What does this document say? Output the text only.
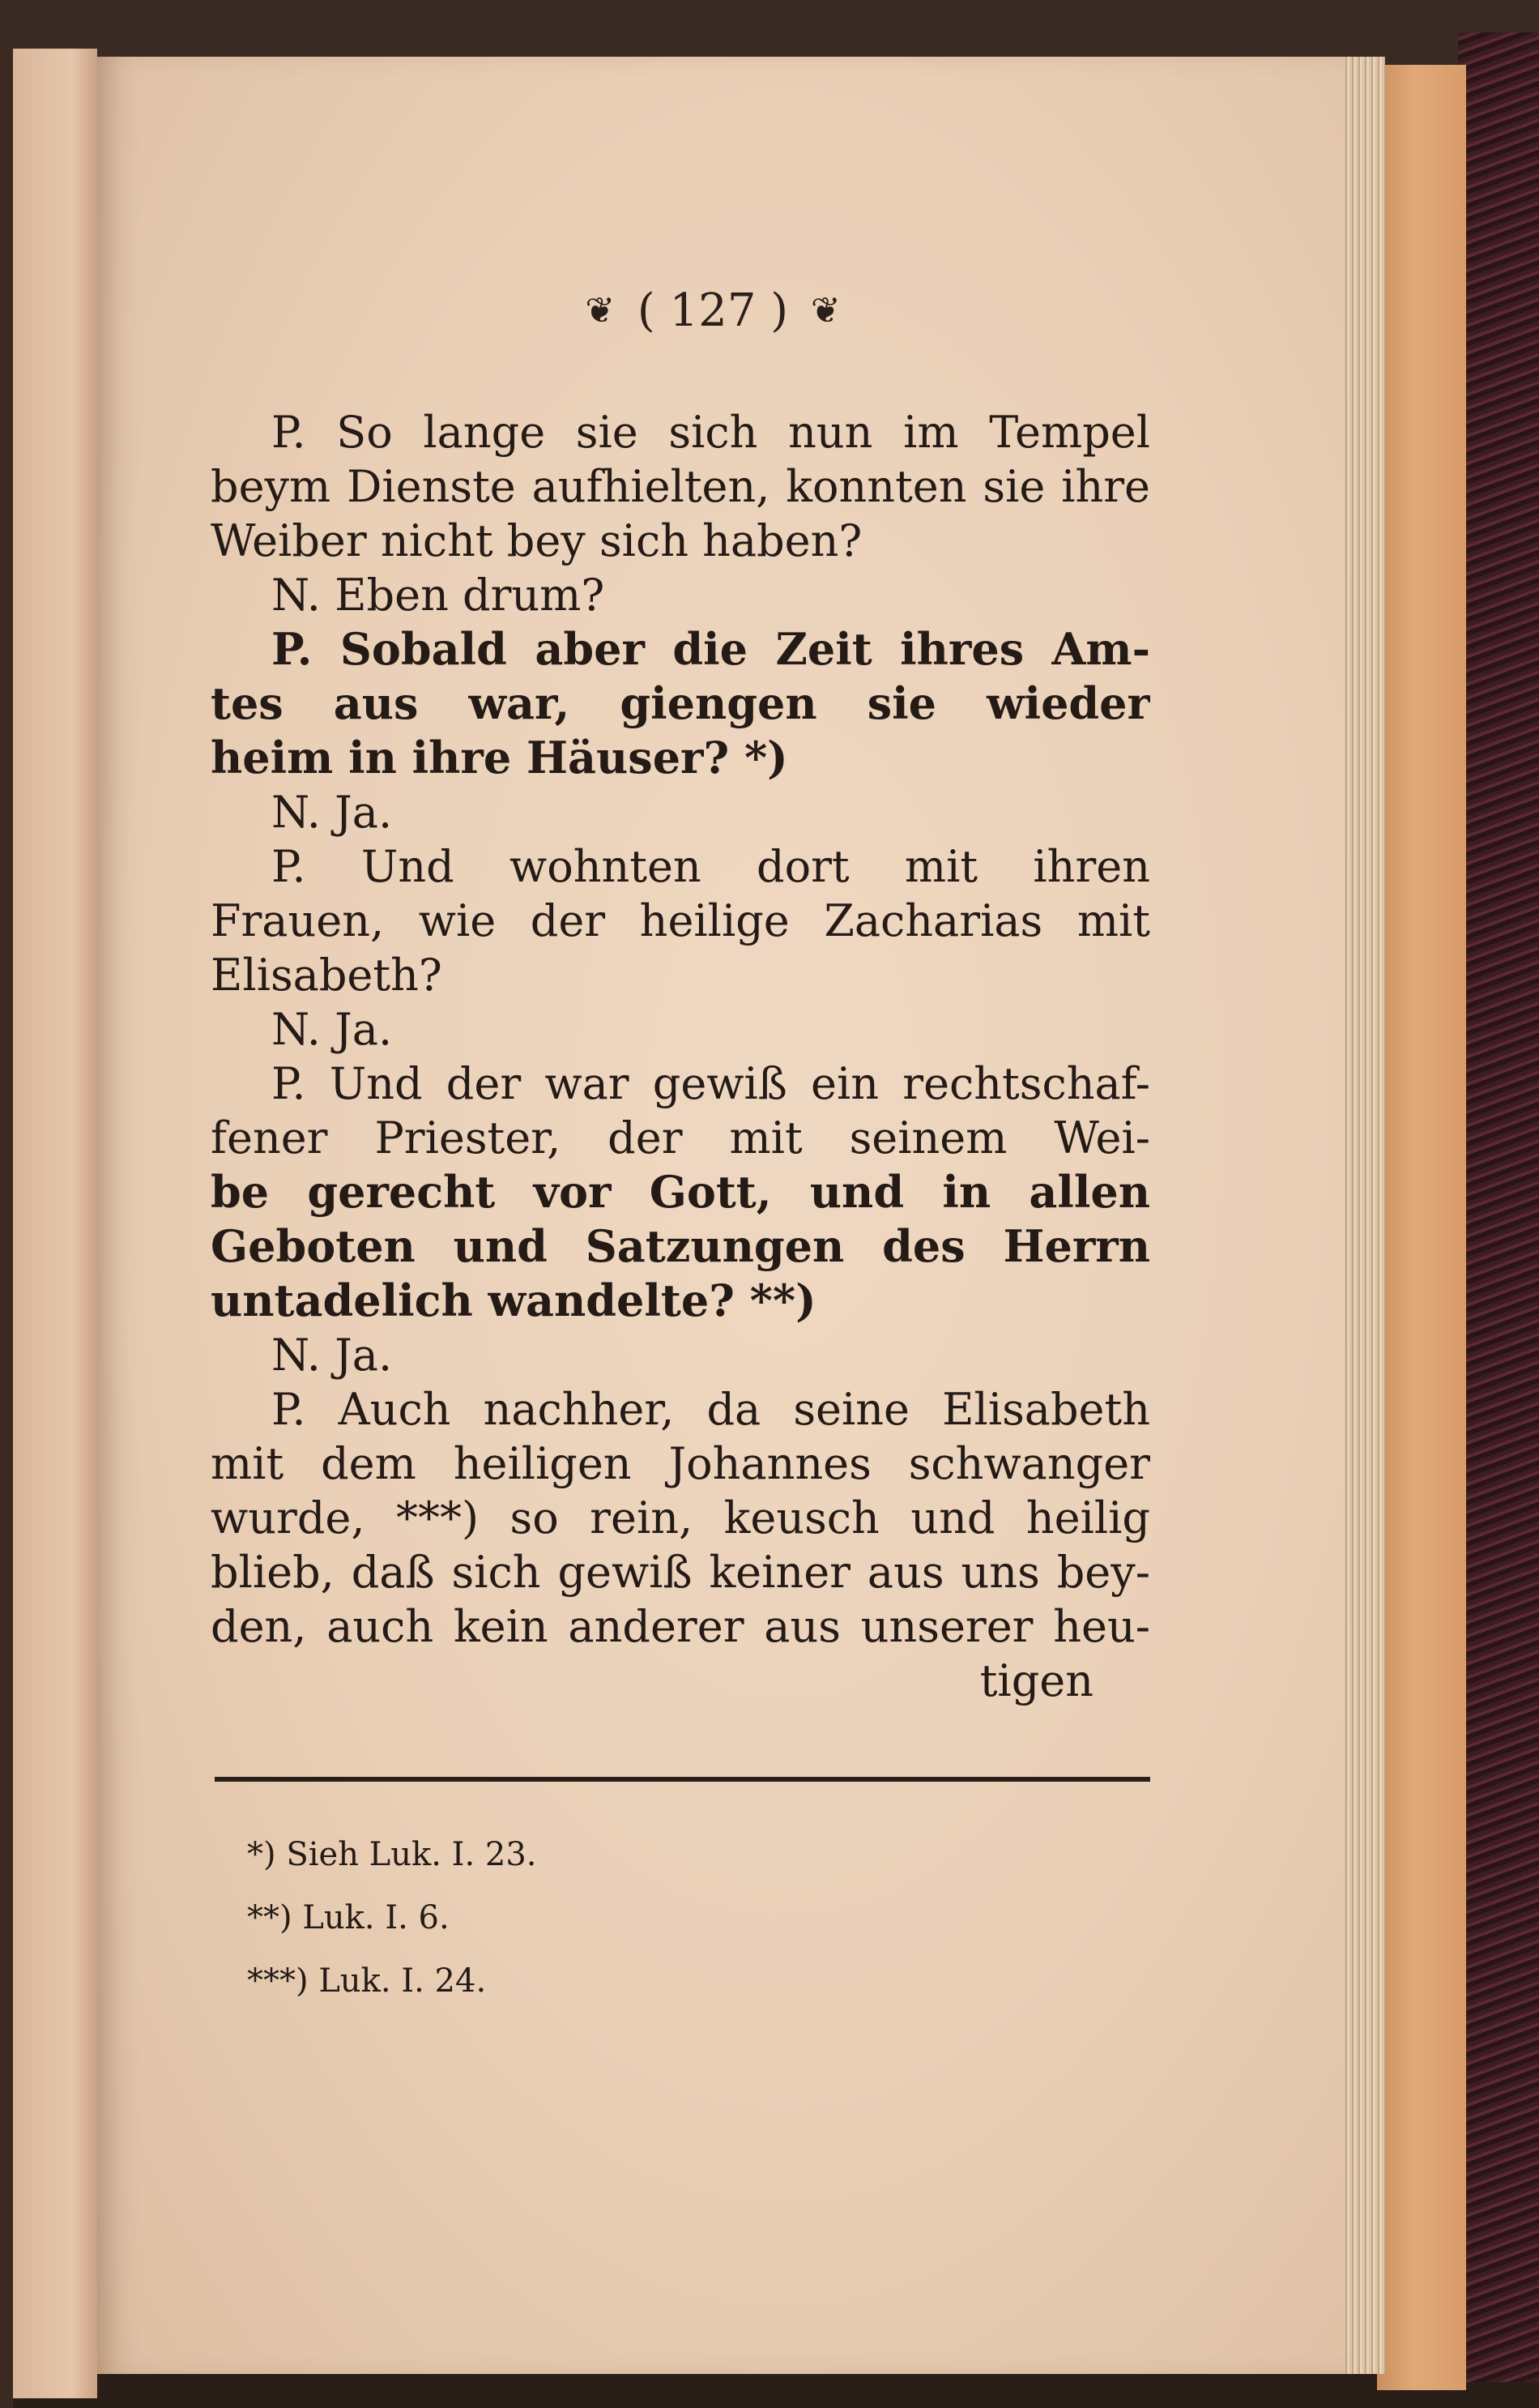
❦ ( 127 ) ❦
P. So lange sie sich nun im Tempel
beym Dienste aufhielten, konnten sie ihre
Weiber nicht bey sich haben?
N. Eben drum?
P. Sobald aber die Zeit ihres Am-
tes aus war, giengen sie wieder
heim in ihre Häuser? *)
N. Ja.
P. Und wohnten dort mit ihren
Frauen, wie der heilige Zacharias mit
Elisabeth?
N. Ja.
P. Und der war gewiß ein rechtschaf-
fener Priester, der mit seinem Wei-
be gerecht vor Gott, und in allen
Geboten und Satzungen des Herrn
untadelich wandelte? **)
N. Ja.
P. Auch nachher, da seine Elisabeth
mit dem heiligen Johannes schwanger
wurde, ***) so rein, keusch und heilig
blieb, daß sich gewiß keiner aus uns bey-
den, auch kein anderer aus unserer heu-
tigen
*) Sieh Luk. I. 23.
**) Luk. I. 6.
***) Luk. I. 24.
